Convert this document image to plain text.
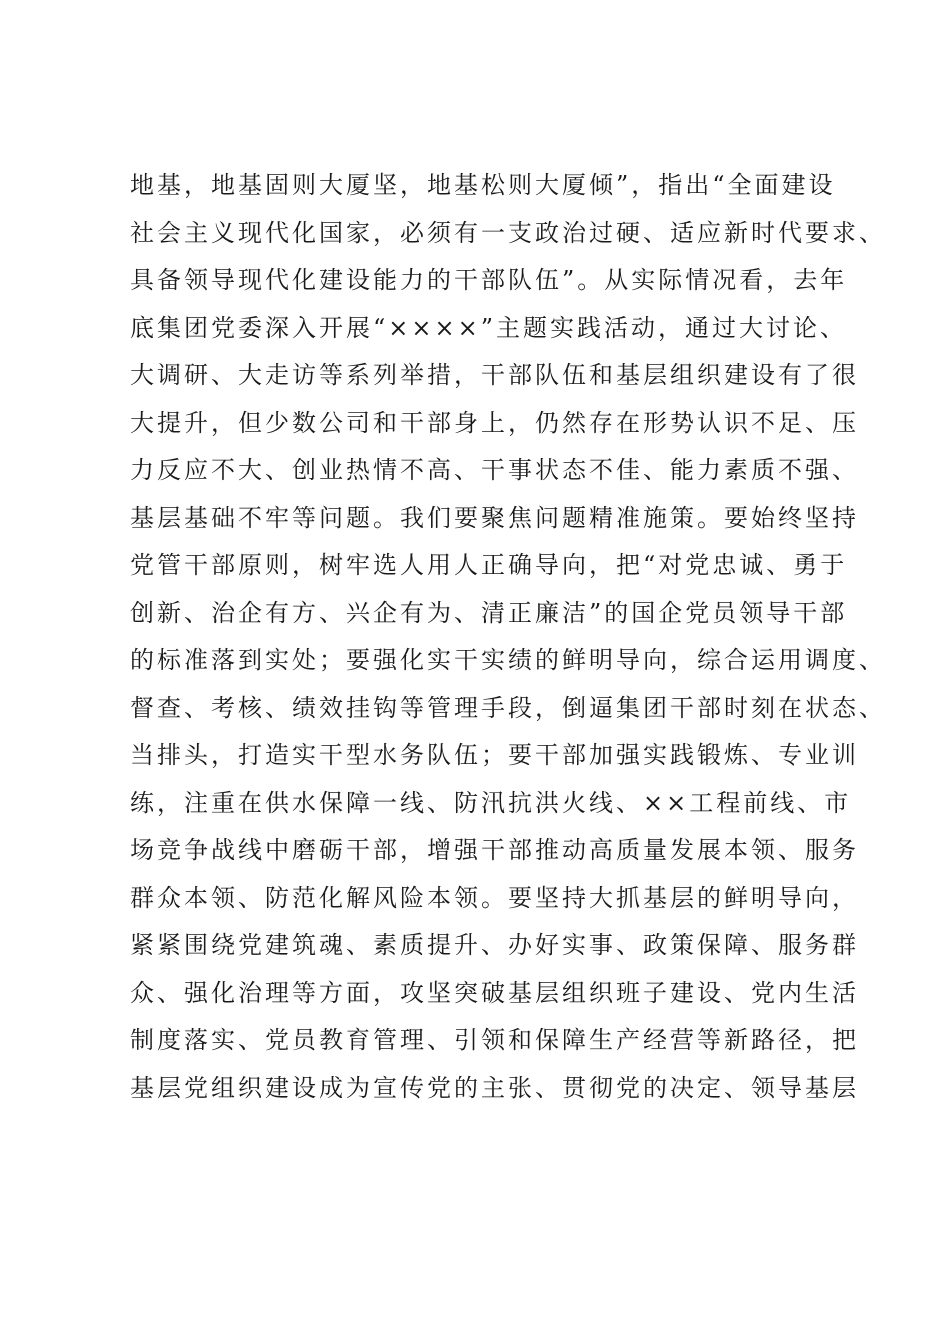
地基，地基固则大厦坚，地基松则大厦倾”，指出“全面建设

社会主义现代化国家，必须有一支政治过硬、适应新时代要求、

具备领导现代化建设能力的干部队伍”。从实际情况看，去年

底集团党委深入开展“××××”主题实践活动，通过大讨论、

大调研、大走访等系列举措，干部队伍和基层组织建设有了很

大提升，但少数公司和干部身上，仍然存在形势认识不足、压

力反应不大、创业热情不高、干事状态不佳、能力素质不强、

基层基础不牢等问题。我们要聚焦问题精准施策。要始终坚持

党管干部原则，树牢选人用人正确导向，把“对党忠诚、勇于

创新、治企有方、兴企有为、清正廉洁”的国企党员领导干部

的标准落到实处；要强化实干实绩的鲜明导向，综合运用调度、

督查、考核、绩效挂钩等管理手段，倒逼集团干部时刻在状态、

当排头，打造实干型水务队伍；要干部加强实践锻炼、专业训

练，注重在供水保障一线、防汛抗洪火线、××工程前线、市

场竞争战线中磨砺干部，增强干部推动高质量发展本领、服务

群众本领、防范化解风险本领。要坚持大抓基层的鲜明导向，

紧紧围绕党建筑魂、素质提升、办好实事、政策保障、服务群

众、强化治理等方面，攻坚突破基层组织班子建设、党内生活

制度落实、党员教育管理、引领和保障生产经营等新路径，把

基层党组织建设成为宣传党的主张、贯彻党的决定、领导基层
